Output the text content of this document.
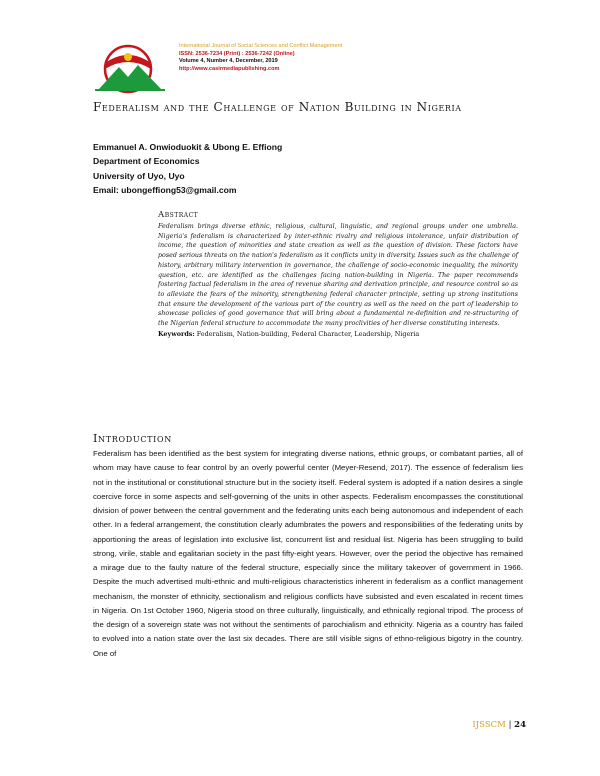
International Journal of Social Sciences and Conflict Management
ISSN: 2536-7234 (Print) : 2536-7242 (Online)
Volume 4, Number 4, December, 2019
http://www.casirmediapublishing.com
Federalism and the Challenge of Nation Building in Nigeria
Emmanuel A. Onwioduokit & Ubong E. Effiong
Department of Economics
University of Uyo, Uyo
Email: ubongeffiong53@gmail.com
Abstract
Federalism brings diverse ethnic, religious, cultural, linguistic, and regional groups under one umbrella. Nigeria's federalism is characterized by inter-ethnic rivalry and religious intolerance, unfair distribution of income, the question of minorities and state creation as well as the question of division. These factors have posed serious threats on the nation's federalism as it conflicts unity in diversity. Issues such as the challenge of history, arbitrary military intervention in governance, the challenge of socio-economic inequality, the minority question, etc. are identified as the challenges facing nation-building in Nigeria. The paper recommends fostering factual federalism in the area of revenue sharing and derivation principle, and resource control so as to alleviate the fears of the minority, strengthening federal character principle, setting up strong institutions that ensure the development of the various part of the country as well as the need on the part of leadership to showcase policies of good governance that will bring about a fundamental re-definition and re-structuring of the Nigerian federal structure to accommodate the many proclivities of her diverse constituting interests.
Keywords: Federalism, Nation-building, Federal Character, Leadership, Nigeria
Introduction
Federalism has been identified as the best system for integrating diverse nations, ethnic groups, or combatant parties, all of whom may have cause to fear control by an overly powerful center (Meyer-Resend, 2017). The essence of federalism lies not in the institutional or constitutional structure but in the society itself. Federal system is adopted if a nation desires a single coercive force in some aspects and self-governing of the units in other aspects. Federalism encompasses the constitutional division of power between the central government and the federating units each being autonomous and independent of each other. In a federal arrangement, the constitution clearly adumbrates the powers and responsibilities of the federating units by apportioning the areas of legislation into exclusive list, concurrent list and residual list. Nigeria has been struggling to build strong, virile, stable and egalitarian society in the past fifty-eight years. However, over the period the objective has remained a mirage due to the faulty nature of the federal structure, especially since the military takeover of government in 1966. Despite the much advertised multi-ethnic and multi-religious characteristics inherent in federalism as a conflict management mechanism, the monster of ethnicity, sectionalism and religious conflicts have subsisted and even escalated in recent times in Nigeria. On 1st October 1960, Nigeria stood on three culturally, linguistically, and ethnically regional tripod. The process of the design of a sovereign state was not without the sentiments of parochialism and ethnicity. Nigeria as a country has failed to evolved into a nation state over the last six decades. There are still visible signs of ethno-religious bigotry in the country. One of
IJSSCM | 24
